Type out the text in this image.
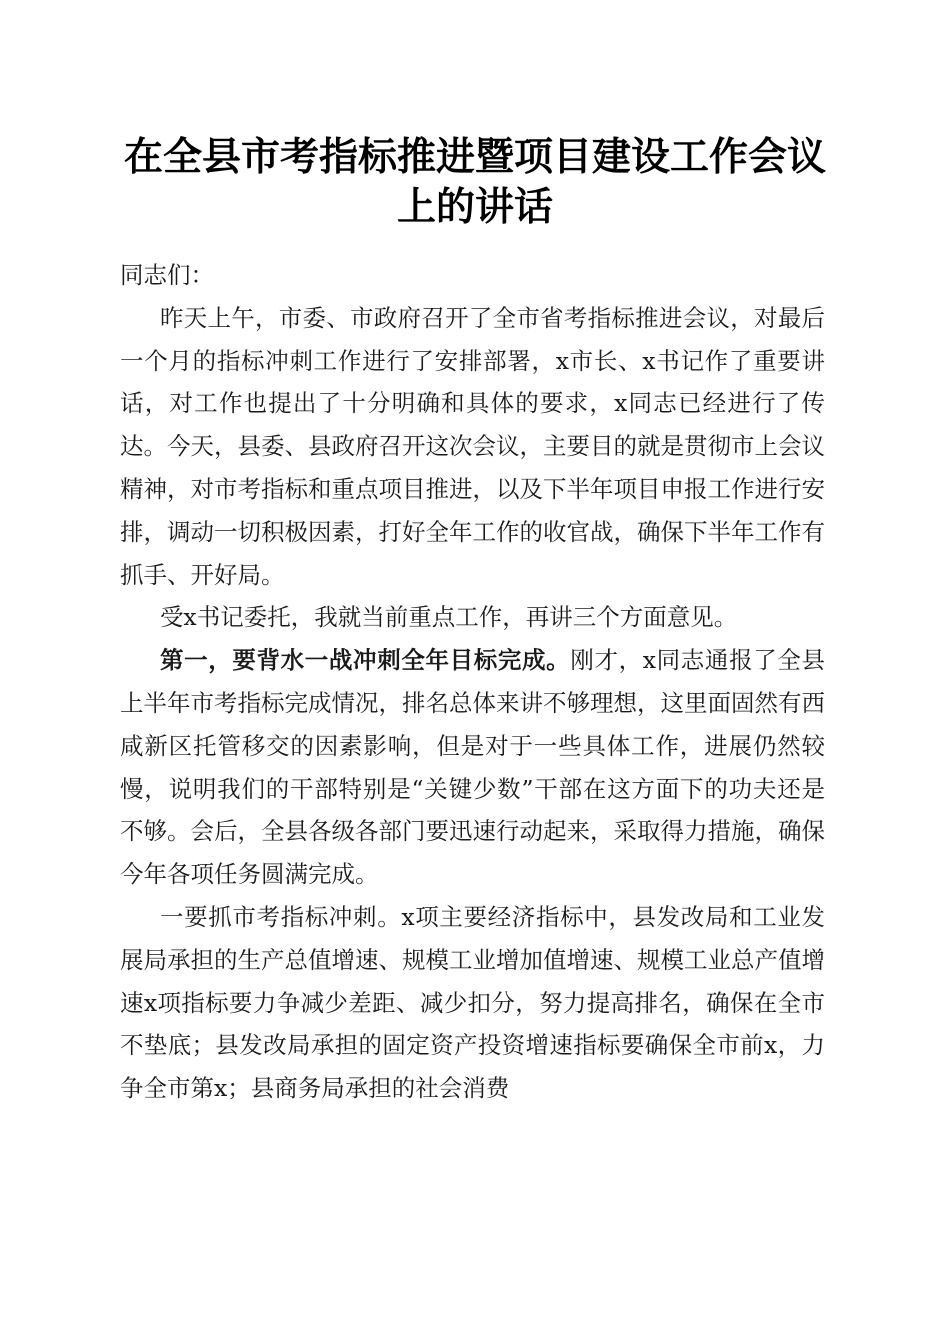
在全县市考指标推进暨项目建设工作会议上的讲话

同志们：

昨天上午，市委、市政府召开了全市省考指标推进会议，对最后一个月的指标冲刺工作进行了安排部署，x市长、x书记作了重要讲话，对工作也提出了十分明确和具体的要求，x同志已经进行了传达。今天，县委、县政府召开这次会议，主要目的就是贯彻市上会议精神，对市考指标和重点项目推进，以及下半年项目申报工作进行安排，调动一切积极因素，打好全年工作的收官战，确保下半年工作有抓手、开好局。

受x书记委托，我就当前重点工作，再讲三个方面意见。

第一，要背水一战冲刺全年目标完成。刚才，x同志通报了全县上半年市考指标完成情况，排名总体来讲不够理想，这里面固然有西咸新区托管移交的因素影响，但是对于一些具体工作，进展仍然较慢，说明我们的干部特别是“关键少数”干部在这方面下的功夫还是不够。会后，全县各级各部门要迅速行动起来，采取得力措施，确保今年各项任务圆满完成。

一要抓市考指标冲刺。x项主要经济指标中，县发改局和工业发展局承担的生产总值增速、规模工业增加值增速、规模工业总产值增速x项指标要力争减少差距、减少扣分，努力提高排名，确保在全市不垫底；县发改局承担的固定资产投资增速指标要确保全市前x，力争全市第x；县商务局承担的社会消费
